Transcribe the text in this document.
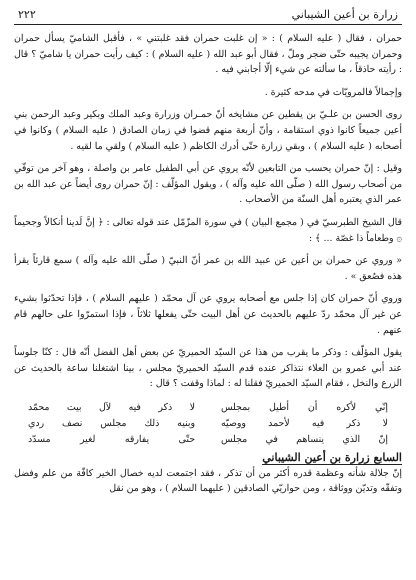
زرارة بن أعين الشيباني
٢٢٢

حمران ، فقال ( عليه السلام ) : « إن غلبت حمران فقد غلبتني » ، فأقبل الشاميّ يسأل حمران وحمران يجيبه حتّى ضجر وملّ ، فقال أبو عبد الله ( عليه السلام ) : كيف رأيت حمران يا شاميّ ؟ قال : رأيته حاذقاً ، ما سألته عن شيء إلّا أجابني فيه .

وإجمالاً فالمرويّات في مدحه كثيرة .

روى الحسن بن علـيّ بن يقطين عن مشايخه أنّ حمـران وزرارة وعبد الملك وبكير وعبد الرحمن بني أعين جميعاً كانوا ذوي استقامة ، وأنّ أربعة منهم قضوا في زمان الصادق ( عليه السلام ) وكانوا في أصحابه ( عليه السلام ) ، وبقي زرارة حتّى أدرك الكاظم ( عليه السلام ) ولقي ما لقيه .

وقيل : إنّ حمران يحسب من التابعين لأنّه يروي عن أبي الطفيل عامر بن واصلة ، وهو آخر من توفّي من أصحاب رسول الله ( صلّى الله عليه وآله ) ، ويقول المؤلّف : إنّ حمران روى أيضاً عن عبد الله بن عمر الذي يعتبره أهل السنّة من الأصحاب .

قال الشيخ الطبرسيّ في ( مجمع البيان ) في سورة المزّمّل عند قوله تعالى : ﴿ إنَّ لَدينا أنكالاً وجحيماً ۞ وطعاماً ذا غصّة ... ﴾ :

« وروي عن حمران بن أعين عن عبيد الله بن عمر أنّ النبيّ ( صلّى الله عليه وآله ) سمع قارئاً يقرأ هذه فصُعق » .

وروي أنّ حمران كان إذا جلس مع أصحابه يروي عن آل محمّد ( عليهم السلام ) ، فإذا تحدّثوا بشيء عن غير آل محمّد ردّ عليهم بالحديث عن أهل البيت حتّى يفعلها ثلاثاً ، فإذا استمرّوا على حالهم قام عنهم .

يقول المؤلّف : وذكر ما يقرب من هذا عن السيّد الحميريّ عن بعض أهل الفضل أنّه قال : كنّا جلوساً عند أبي عمرو بن العلاء نتذاكر عنده قدم السيّد الحميريّ مجلس ، بينا اشتغلنا ساعة بالحديث عن الزرع والنخل ، فقام السيّد الحميريّ فقلنا له : لماذا وقفت ؟ قال :

إنّي لأكره أن أطيل بمجلس
لا ذكر فيه لآل بيت محمّد
لا ذكر فيه لأحمد ووصيّه
وبنيه ذلك مجلس نصف ردي
إنّ الذي ينساهم في مجلس
حتّى يفارقه لغير مسدّد
السابع زرارة بن أعين الشيباني

إنّ جلالة شأنه وعظمة قدره أكثر من أن تذكر ، فقد اجتمعت لديه خصال الخير كافّة من علم وفضل وتفقّه وتديّن ووثاقة ، ومن حواريّي الصادقين ( عليهما السلام ) ، وهو من نقل
